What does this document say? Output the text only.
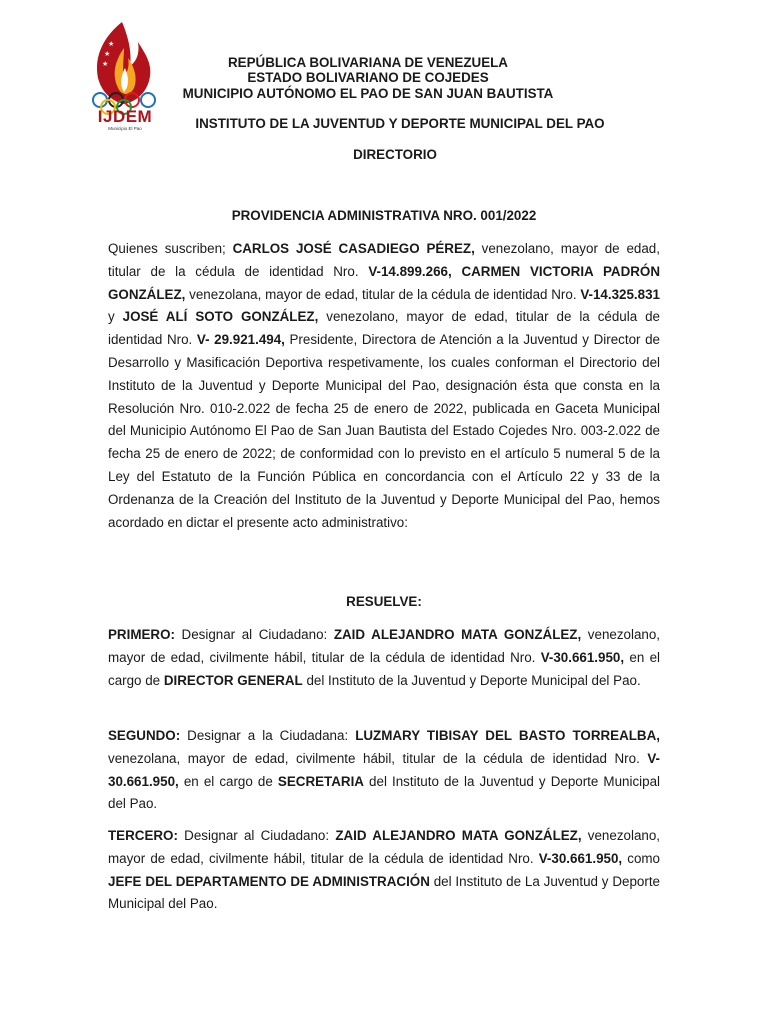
★
★
★
IJDEM
Municipio El Pao
REPÚBLICA BOLIVARIANA DE VENEZUELA
ESTADO BOLIVARIANO DE COJEDES
MUNICIPIO AUTÓNOMO EL PAO DE SAN JUAN BAUTISTA
INSTITUTO DE LA JUVENTUD Y DEPORTE MUNICIPAL DEL PAO
DIRECTORIO
PROVIDENCIA ADMINISTRATIVA NRO. 001/2022
Quienes suscriben; CARLOS JOSÉ CASADIEGO PÉREZ, venezolano, mayor de edad, titular de la cédula de identidad Nro. V-14.899.266, CARMEN VICTORIA PADRÓN GONZÁLEZ, venezolana, mayor de edad, titular de la cédula de identidad Nro. V-14.325.831 y JOSÉ ALÍ SOTO GONZÁLEZ, venezolano, mayor de edad, titular de la cédula de identidad Nro. V- 29.921.494, Presidente, Directora de Atención a la Juventud y Director de Desarrollo y Masificación Deportiva respetivamente, los cuales conforman el Directorio del Instituto de la Juventud y Deporte Municipal del Pao, designación ésta que consta en la Resolución Nro. 010-2.022 de fecha 25 de enero de 2022, publicada en Gaceta Municipal del Municipio Autónomo El Pao de San Juan Bautista del Estado Cojedes Nro. 003-2.022 de fecha 25 de enero de 2022; de conformidad con lo previsto en el artículo 5 numeral 5 de la Ley del Estatuto de la Función Pública en concordancia con el Artículo 22 y 33 de la Ordenanza de la Creación del Instituto de la Juventud y Deporte Municipal del Pao, hemos acordado en dictar el presente acto administrativo:
RESUELVE:
PRIMERO: Designar al Ciudadano: ZAID ALEJANDRO MATA GONZÁLEZ, venezolano, mayor de edad, civilmente hábil, titular de la cédula de identidad Nro. V-30.661.950, en el cargo de DIRECTOR GENERAL del Instituto de la Juventud y Deporte Municipal del Pao.
SEGUNDO: Designar a la Ciudadana: LUZMARY TIBISAY DEL BASTO TORREALBA, venezolana, mayor de edad, civilmente hábil, titular de la cédula de identidad Nro. V-30.661.950, en el cargo de SECRETARIA del Instituto de la Juventud y Deporte Municipal del Pao.
TERCERO: Designar al Ciudadano: ZAID ALEJANDRO MATA GONZÁLEZ, venezolano, mayor de edad, civilmente hábil, titular de la cédula de identidad Nro. V-30.661.950, como JEFE DEL DEPARTAMENTO DE ADMINISTRACIÓN del Instituto de La Juventud y Deporte Municipal del Pao.
